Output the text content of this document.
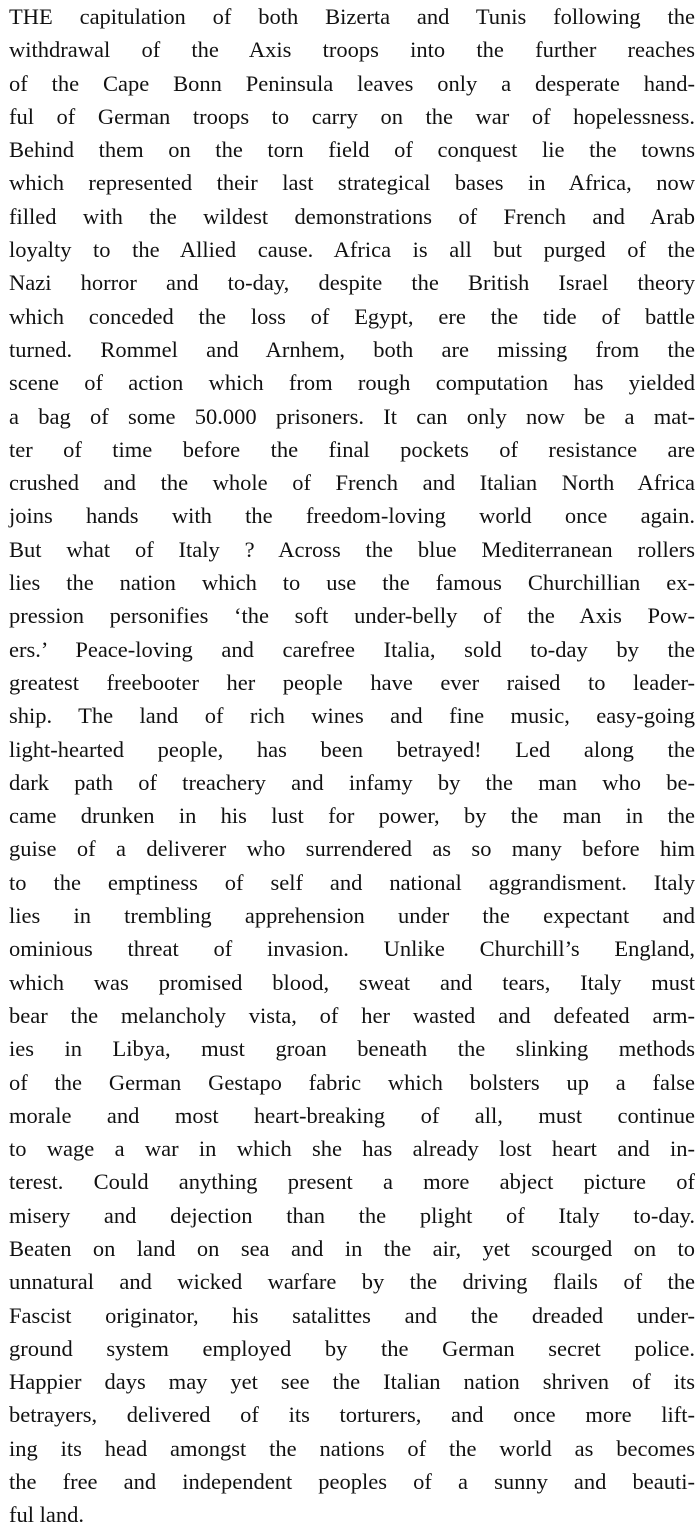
THE capitulation of both Bizerta and Tunis following the
withdrawal of the Axis troops into the further reaches
of the Cape Bonn Peninsula leaves only a desperate hand-
ful of German troops to carry on the war of hopelessness.
Behind them on the torn field of conquest lie the towns
which represented their last strategical bases in Africa, now
filled with the wildest demonstrations of French and Arab
loyalty to the Allied cause. Africa is all but purged of the
Nazi horror and to-day, despite the British Israel theory
which conceded the loss of Egypt, ere the tide of battle
turned. Rommel and Arnhem, both are missing from the
scene of action which from rough computation has yielded
a bag of some 50.000 prisoners. It can only now be a mat-
ter of time before the final pockets of resistance are
crushed and the whole of French and Italian North Africa
joins hands with the freedom-loving world once again.
But what of Italy ? Across the blue Mediterranean rollers
lies the nation which to use the famous Churchillian ex-
pression personifies ‘the soft under-belly of the Axis Pow-
ers.’ Peace-loving and carefree Italia, sold to-day by the
greatest freebooter her people have ever raised to leader-
ship. The land of rich wines and fine music, easy-going
light-hearted people, has been betrayed! Led along the
dark path of treachery and infamy by the man who be-
came drunken in his lust for power, by the man in the
guise of a deliverer who surrendered as so many before him
to the emptiness of self and national aggrandisment. Italy
lies in trembling apprehension under the expectant and
ominious threat of invasion. Unlike Churchill’s England,
which was promised blood, sweat and tears, Italy must
bear the melancholy vista, of her wasted and defeated arm-
ies in Libya, must groan beneath the slinking methods
of the German Gestapo fabric which bolsters up a false
morale and most heart-breaking of all, must continue
to wage a war in which she has already lost heart and in-
terest. Could anything present a more abject picture of
misery and dejection than the plight of Italy to-day.
Beaten on land on sea and in the air, yet scourged on to
unnatural and wicked warfare by the driving flails of the
Fascist originator, his satalittes and the dreaded under-
ground system employed by the German secret police.
Happier days may yet see the Italian nation shriven of its
betrayers, delivered of its torturers, and once more lift-
ing its head amongst the nations of the world as becomes
the free and independent peoples of a sunny and beauti-
ful land.
